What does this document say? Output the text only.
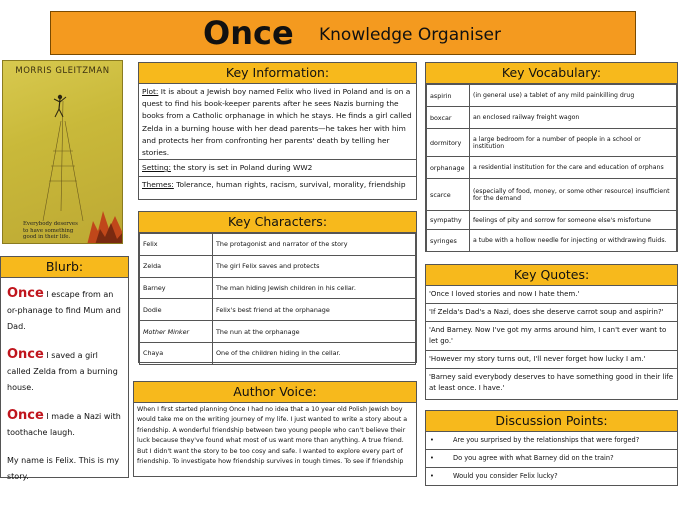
Once Knowledge Organiser
MORRIS GLEITZMAN
Everybody deserves to have something good in their life.
Key Information:
Plot: It is about a Jewish boy named Felix who lived in Poland and is on a quest to find his book-keeper parents after he sees Nazis burning the books from a Catholic orphanage in which he stays. He finds a girl called Zelda in a burning house with her dead parents—he takes her with him and protects her from confronting her parents' death by telling her stories.
Setting: the story is set in Poland during WW2
Themes: Tolerance, human rights, racism, survival, morality, friendship
Key Characters:
Felix	The protagonist and narrator of the story
Zelda	The girl Felix saves and protects
Barney	The man hiding Jewish children in his cellar.
Dodie	Felix's best friend at the orphanage
Mother Minker	The nun at the orphanage
Chaya	One of the children hiding in the cellar.
Key Vocabulary:
aspirin	(in general use) a tablet of any mild painkilling drug
boxcar	an enclosed railway freight wagon
dormitory	a large bedroom for a number of people in a school or institution
orphanage	a residential institution for the care and education of orphans
scarce	(especially of food, money, or some other resource) insufficient for the demand
sympathy	feelings of pity and sorrow for someone else's misfortune
syringes	a tube with a hollow needle for injecting or withdrawing fluids.
Blurb:
Once I escape from an or-phanage to find Mum and Dad.
Once I saved a girl called Zelda from a burning house.
Once I made a Nazi with toothache laugh.
My name is Felix. This is my story.
Key Quotes:
'Once I loved stories and now I hate them.'
'If Zelda's Dad's a Nazi, does she deserve carrot soup and aspirin?'
'And Barney. Now I've got my arms around him, I can't ever want to let go.'
'However my story turns out, I'll never forget how lucky I am.'
'Barney said everybody deserves to have something good in their life at least once. I have.'
Author Voice:
When I first started planning Once I had no idea that a 10 year old Polish Jewish boy would take me on the writing journey of my life. I just wanted to write a story about a friendship. A wonderful friendship between two young people who can't believe their luck because they've found what most of us want more than anything. A true friend. But I didn't want the story to be too cosy and safe. I wanted to explore every part of friendship. To investigate how friendship survives in tough times. To see if friendship
Discussion Points:
•	Are you surprised by the relationships that were forged?
•	Do you agree with what Barney did on the train?
•	Would you consider Felix lucky?
